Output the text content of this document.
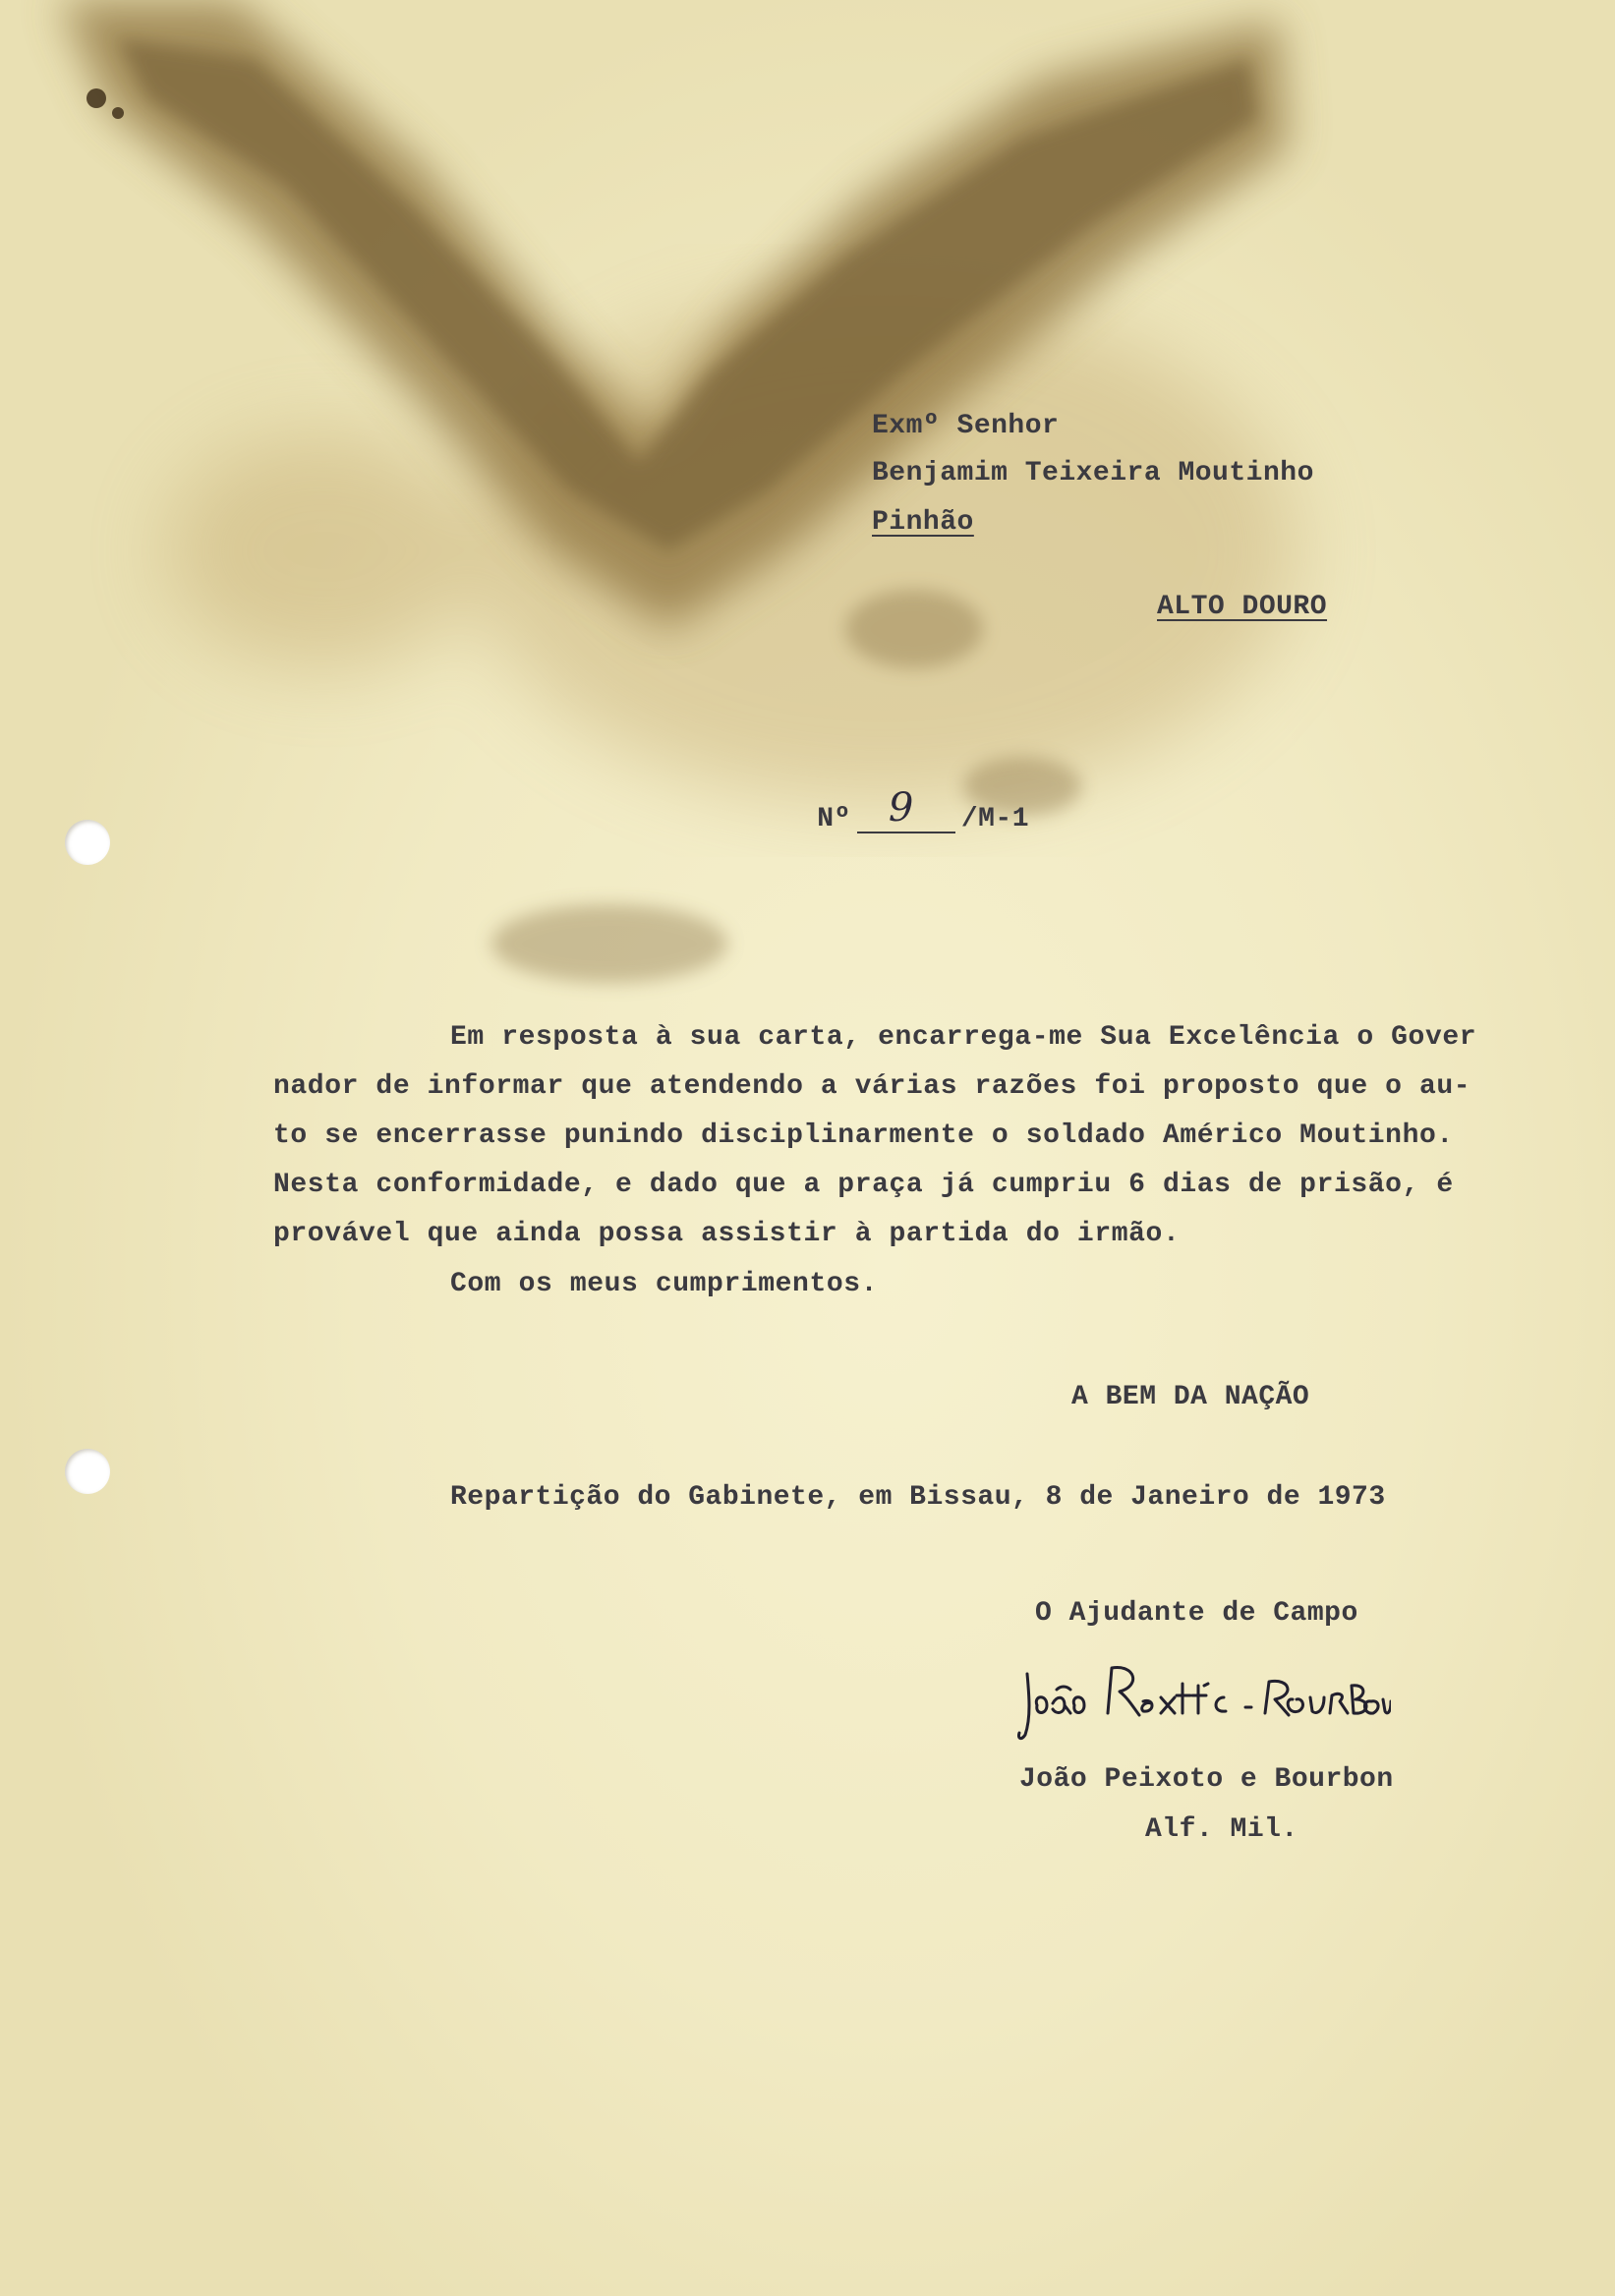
Exmº Senhor
Benjamim Teixeira Moutinho
Pinhão
ALTO DOURO

Nº 9 /M-1

Em resposta à sua carta, encarrega-me Sua Excelência o Gover
nador de informar que atendendo a várias razões foi proposto que o au-
to se encerrasse punindo disciplinarmente o soldado Américo Moutinho.
Nesta conformidade, e dado que a praça já cumpriu 6 dias de prisão, é
provável que ainda possa assistir à partida do irmão.
Com os meus cumprimentos.
A BEM DA NAÇÃO
Repartição do Gabinete, em Bissau, 8 de Janeiro de 1973
O Ajudante de Campo
João Peixoto e Bourbon
Alf. Mil.
